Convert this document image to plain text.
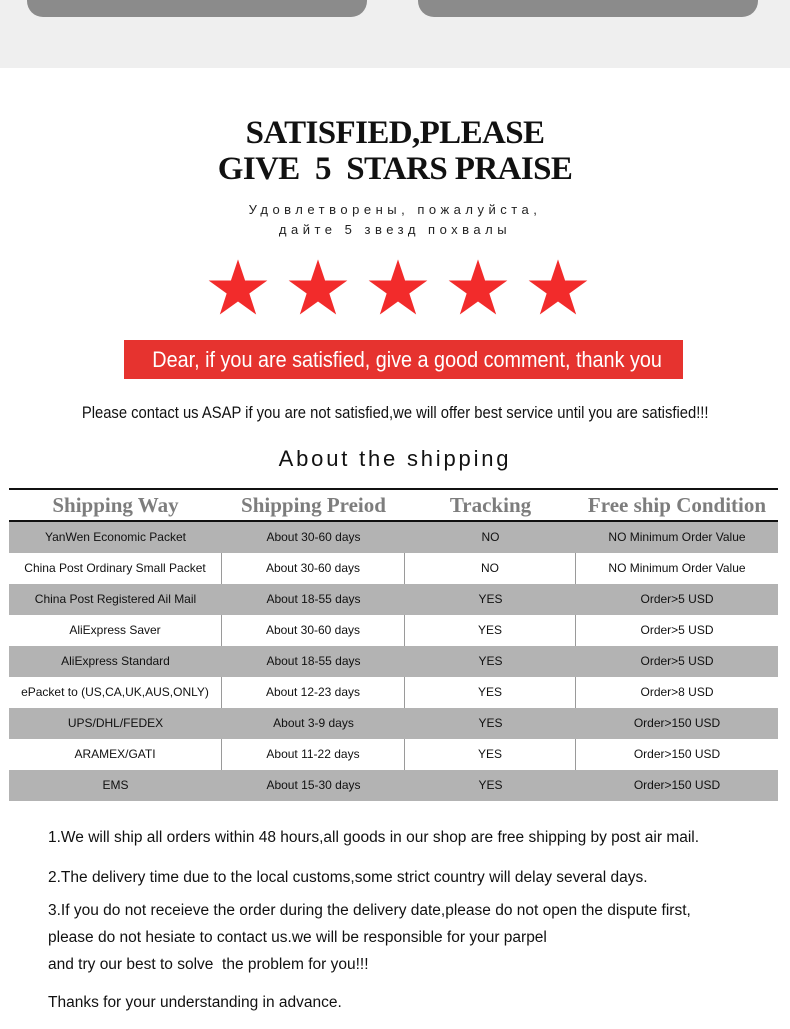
SATISFIED,PLEASE
GIVE  5  STARS PRAISE
Удовлетворены, пожалуйста,
дайте 5 звезд похвалы
Dear, if you are satisfied, give a good comment, thank you
Please contact us ASAP if you are not satisfied,we will offer best service until you are satisfied!!!
About the shipping
Shipping Way	Shipping Preiod	Tracking	Free ship Condition
YanWen Economic Packet	About 30-60 days	NO	NO Minimum Order Value
China Post Ordinary Small Packet	About 30-60 days	NO	NO Minimum Order Value
China Post Registered Ail Mail	About 18-55 days	YES	Order>5 USD
AliExpress Saver	About 30-60 days	YES	Order>5 USD
AliExpress Standard	About 18-55 days	YES	Order>5 USD
ePacket to (US,CA,UK,AUS,ONLY)	About 12-23 days	YES	Order>8 USD
UPS/DHL/FEDEX	About 3-9 days	YES	Order>150 USD
ARAMEX/GATI	About 11-22 days	YES	Order>150 USD
EMS	About 15-30 days	YES	Order>150 USD
1.We will ship all orders within 48 hours,all goods in our shop are free shipping by post air mail.
2.The delivery time due to the local customs,some strict country will delay several days.
3.If you do not receieve the order during the delivery date,please do not open the dispute first,
please do not hesiate to contact us.we will be responsible for your parpel
and try our best to solve  the problem for you!!!
Thanks for your understanding in advance.
